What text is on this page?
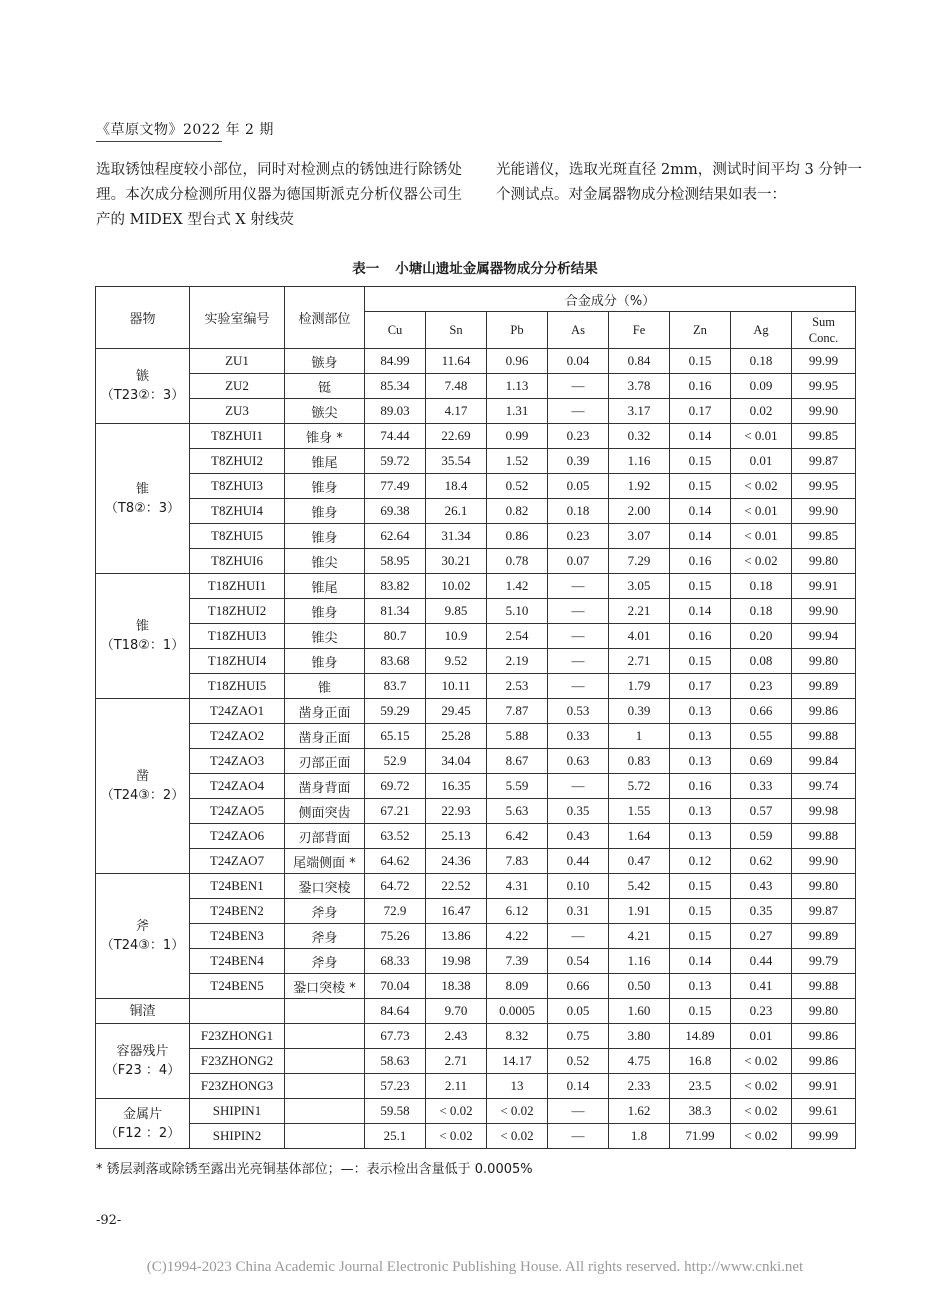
《草原文物》2022 年 2 期
选取锈蚀程度较小部位，同时对检测点的锈蚀进行除锈处理。本次成分检测所用仪器为德国斯派克分析仪器公司生产的 MIDEX 型台式 X 射线荧
光能谱仪，选取光斑直径 2mm，测试时间平均 3 分钟一个测试点。对金属器物成分检测结果如表一：
表一 小塘山遗址金属器物成分分析结果
器物	实验室编号	检测部位	合金成分（%）							
			Cu	Sn	Pb	As	Fe	Zn	Ag	Sum
Conc.
镞
（T23②：3）	ZU1	镞身	84.99	11.64	0.96	0.04	0.84	0.15	0.18	99.99
	ZU2	铤	85.34	7.48	1.13	—	3.78	0.16	0.09	99.95
	ZU3	镞尖	89.03	4.17	1.31	—	3.17	0.17	0.02	99.90
锥
（T8②：3）	T8ZHUI1	锥身 *	74.44	22.69	0.99	0.23	0.32	0.14	< 0.01	99.85
	T8ZHUI2	锥尾	59.72	35.54	1.52	0.39	1.16	0.15	0.01	99.87
	T8ZHUI3	锥身	77.49	18.4	0.52	0.05	1.92	0.15	< 0.02	99.95
	T8ZHUI4	锥身	69.38	26.1	0.82	0.18	2.00	0.14	< 0.01	99.90
	T8ZHUI5	锥身	62.64	31.34	0.86	0.23	3.07	0.14	< 0.01	99.85
	T8ZHUI6	锥尖	58.95	30.21	0.78	0.07	7.29	0.16	< 0.02	99.80
锥
（T18②：1）	T18ZHUI1	锥尾	83.82	10.02	1.42	—	3.05	0.15	0.18	99.91
	T18ZHUI2	锥身	81.34	9.85	5.10	—	2.21	0.14	0.18	99.90
	T18ZHUI3	锥尖	80.7	10.9	2.54	—	4.01	0.16	0.20	99.94
	T18ZHUI4	锥身	83.68	9.52	2.19	—	2.71	0.15	0.08	99.80
	T18ZHUI5	锥	83.7	10.11	2.53	—	1.79	0.17	0.23	99.89
凿
（T24③：2）	T24ZAO1	凿身正面	59.29	29.45	7.87	0.53	0.39	0.13	0.66	99.86
	T24ZAO2	凿身正面	65.15	25.28	5.88	0.33	1	0.13	0.55	99.88
	T24ZAO3	刃部正面	52.9	34.04	8.67	0.63	0.83	0.13	0.69	99.84
	T24ZAO4	凿身背面	69.72	16.35	5.59	—	5.72	0.16	0.33	99.74
	T24ZAO5	侧面突齿	67.21	22.93	5.63	0.35	1.55	0.13	0.57	99.98
	T24ZAO6	刃部背面	63.52	25.13	6.42	0.43	1.64	0.13	0.59	99.88
	T24ZAO7	尾端侧面 *	64.62	24.36	7.83	0.44	0.47	0.12	0.62	99.90
斧
（T24③：1）	T24BEN1	銎口突棱	64.72	22.52	4.31	0.10	5.42	0.15	0.43	99.80
	T24BEN2	斧身	72.9	16.47	6.12	0.31	1.91	0.15	0.35	99.87
	T24BEN3	斧身	75.26	13.86	4.22	—	4.21	0.15	0.27	99.89
	T24BEN4	斧身	68.33	19.98	7.39	0.54	1.16	0.14	0.44	99.79
	T24BEN5	銎口突棱 *	70.04	18.38	8.09	0.66	0.50	0.13	0.41	99.88
铜渣			84.64	9.70	0.0005	0.05	1.60	0.15	0.23	99.80
容器残片
（F23 ：4）	F23ZHONG1		67.73	2.43	8.32	0.75	3.80	14.89	0.01	99.86
	F23ZHONG2		58.63	2.71	14.17	0.52	4.75	16.8	< 0.02	99.86
	F23ZHONG3		57.23	2.11	13	0.14	2.33	23.5	< 0.02	99.91
金属片
（F12 ：2）	SHIPIN1		59.58	< 0.02	< 0.02	—	1.62	38.3	< 0.02	99.61
	SHIPIN2		25.1	< 0.02	< 0.02	—	1.8	71.99	< 0.02	99.99
* 锈层剥落或除锈至露出光亮铜基体部位；—：表示检出含量低于 0.0005%
-92-
(C)1994-2023 China Academic Journal Electronic Publishing House. All rights reserved. http://www.cnki.net
